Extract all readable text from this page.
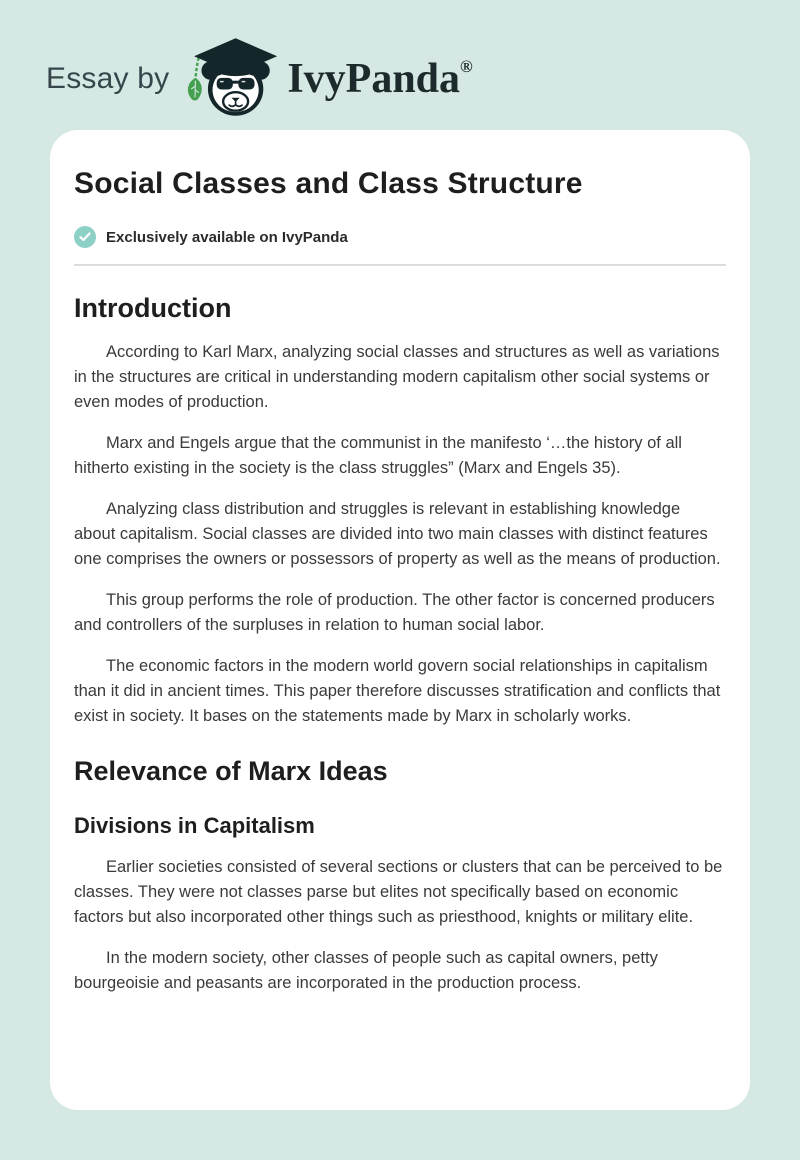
Essay by	IvyPanda®
Social Classes and Class Structure
Exclusively available on IvyPanda
Introduction

According to Karl Marx, analyzing social classes and structures as well as variations in the structures are critical in understanding modern capitalism other social systems or even modes of production.

Marx and Engels argue that the communist in the manifesto ‘…the history of all hitherto existing in the society is the class struggles” (Marx and Engels 35).

Analyzing class distribution and struggles is relevant in establishing knowledge about capitalism. Social classes are divided into two main classes with distinct features one comprises the owners or possessors of property as well as the means of production.

This group performs the role of production. The other factor is concerned producers and controllers of the surpluses in relation to human social labor.

The economic factors in the modern world govern social relationships in capitalism than it did in ancient times. This paper therefore discusses stratification and conflicts that exist in society. It bases on the statements made by Marx in scholarly works.

Relevance of Marx Ideas
Divisions in Capitalism

Earlier societies consisted of several sections or clusters that can be perceived to be classes. They were not classes parse but elites not specifically based on economic factors but also incorporated other things such as priesthood, knights or military elite.

In the modern society, other classes of people such as capital owners, petty bourgeoisie and peasants are incorporated in the production process.
